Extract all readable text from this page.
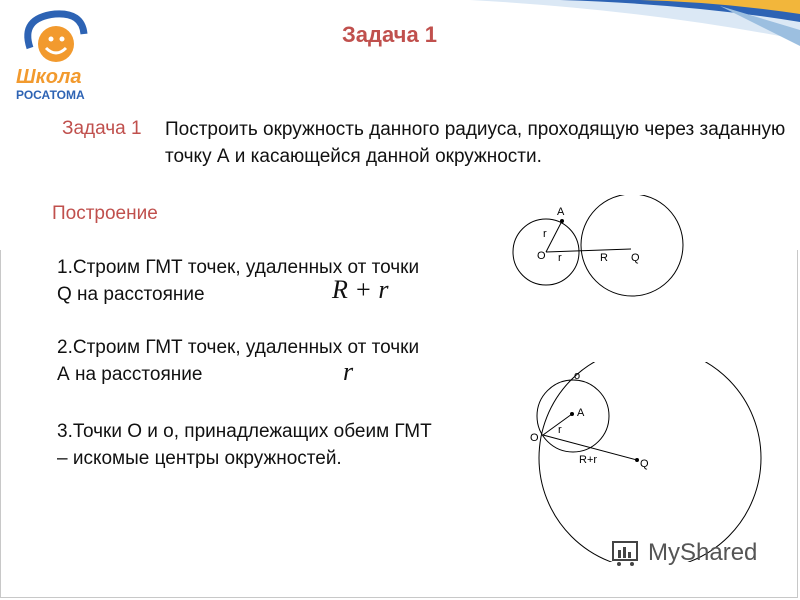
Школа
РОСАТОМА
Задача 1
Задача 1 Построить окружность данного радиуса, проходящую через заданную точку А и касающейся данной окружности.
Построение
1.Строим ГМТ точек, удаленных от точки Q на расстояние	R + r
2.Строим ГМТ точек, удаленных от точки А на расстояние	r
3.Точки О и о, принадлежащих обеим ГМТ – искомые центры окружностей.
A
r
O r	R Q
o
A
O
r
R+r	Q
MyShared
